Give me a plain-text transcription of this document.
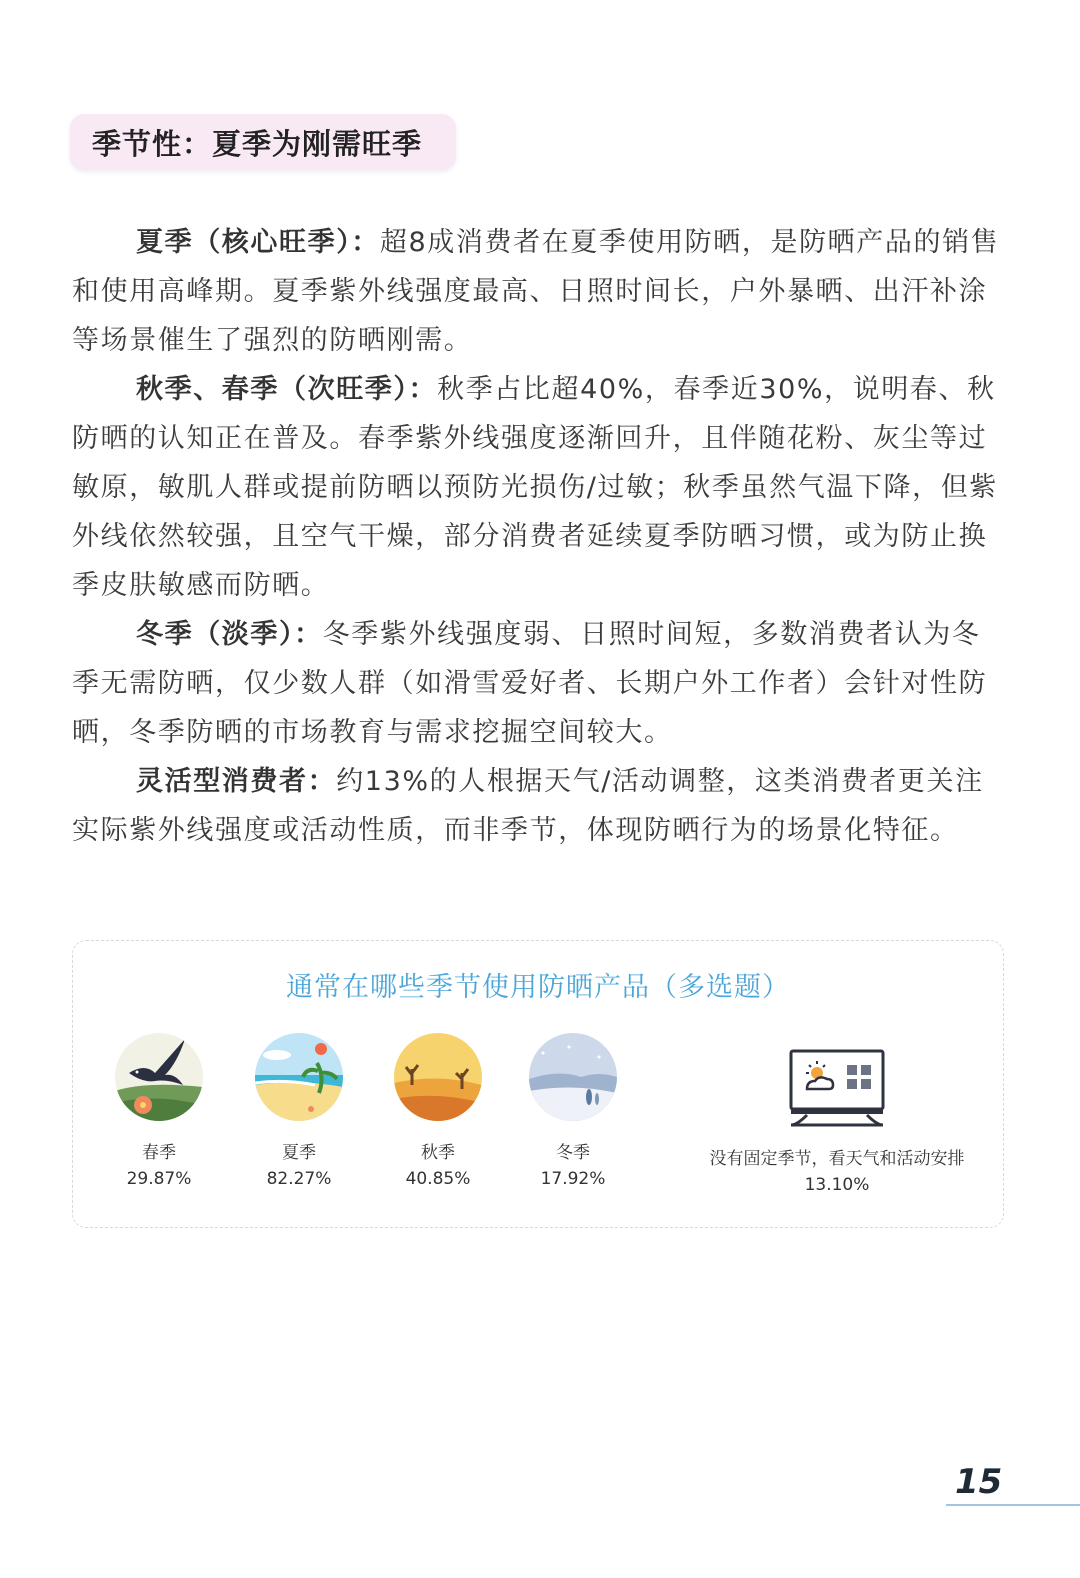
季节性：夏季为刚需旺季

夏季（核心旺季）：超8成消费者在夏季使用防晒，是防晒产品的销售和使用高峰期。夏季紫外线强度最高、日照时间长，户外暴晒、出汗补涂等场景催生了强烈的防晒刚需。

秋季、春季（次旺季）：秋季占比超40%，春季近30%，说明春、秋防晒的认知正在普及。春季紫外线强度逐渐回升，且伴随花粉、灰尘等过敏原，敏肌人群或提前防晒以预防光损伤/过敏；秋季虽然气温下降，但紫外线依然较强，且空气干燥，部分消费者延续夏季防晒习惯，或为防止换季皮肤敏感而防晒。

冬季（淡季）：冬季紫外线强度弱、日照时间短，多数消费者认为冬季无需防晒，仅少数人群（如滑雪爱好者、长期户外工作者）会针对性防晒，冬季防晒的市场教育与需求挖掘空间较大。

灵活型消费者：约13%的人根据天气/活动调整，这类消费者更关注实际紫外线强度或活动性质，而非季节，体现防晒行为的场景化特征。

通常在哪些季节使用防晒产品（多选题）
春季
29.87%
夏季
82.27%
秋季
40.85%
冬季
17.92%
没有固定季节，看天气和活动安排
13.10%
15
